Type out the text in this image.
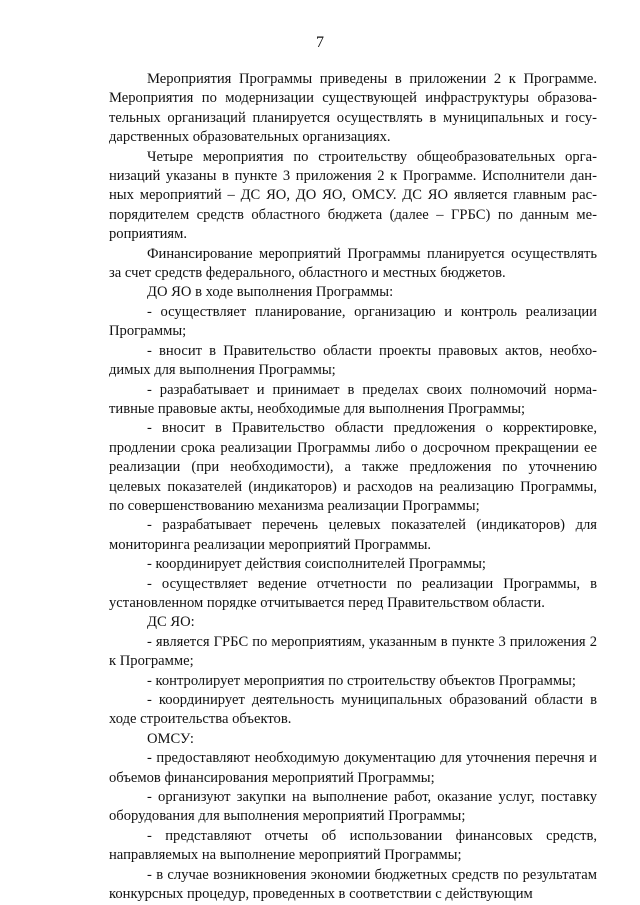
7

Мероприятия Программы приведены в приложении 2 к Программе. Мероприятия по модернизации существующей инфраструктуры образовательных организаций планируется осуществлять в муниципальных и государственных образовательных организациях.

Четыре мероприятия по строительству общеобразовательных организаций указаны в пункте 3 приложения 2 к Программе. Исполнители данных мероприятий – ДС ЯО, ДО ЯО, ОМСУ. ДС ЯО является главным распорядителем средств областного бюджета (далее – ГРБС) по данным мероприятиям.

Финансирование мероприятий Программы планируется осуществлять за счет средств федерального, областного и местных бюджетов.

ДО ЯО в ходе выполнения Программы:

- осуществляет планирование, организацию и контроль реализации Программы;

- вносит в Правительство области проекты правовых актов, необходимых для выполнения Программы;

- разрабатывает и принимает в пределах своих полномочий нормативные правовые акты, необходимые для выполнения Программы;

- вносит в Правительство области предложения о корректировке, продлении срока реализации Программы либо о досрочном прекращении ее реализации (при необходимости), а также предложения по уточнению целевых показателей (индикаторов) и расходов на реализацию Программы, по совершенствованию механизма реализации Программы;

- разрабатывает перечень целевых показателей (индикаторов) для мониторинга реализации мероприятий Программы.

- координирует действия соисполнителей Программы;

- осуществляет ведение отчетности по реализации Программы, в установленном порядке отчитывается перед Правительством области.

ДС ЯО:

- является ГРБС по мероприятиям, указанным в пункте 3 приложения 2 к Программе;

- контролирует мероприятия по строительству объектов Программы;

- координирует деятельность муниципальных образований области в ходе строительства объектов.

ОМСУ:

- предоставляют необходимую документацию для уточнения перечня и объемов финансирования мероприятий Программы;

- организуют закупки на выполнение работ, оказание услуг, поставку оборудования для выполнения мероприятий Программы;

- представляют отчеты об использовании финансовых средств, направляемых на выполнение мероприятий Программы;

- в случае возникновения экономии бюджетных средств по результатам конкурсных процедур, проведенных в соответствии с действующим
